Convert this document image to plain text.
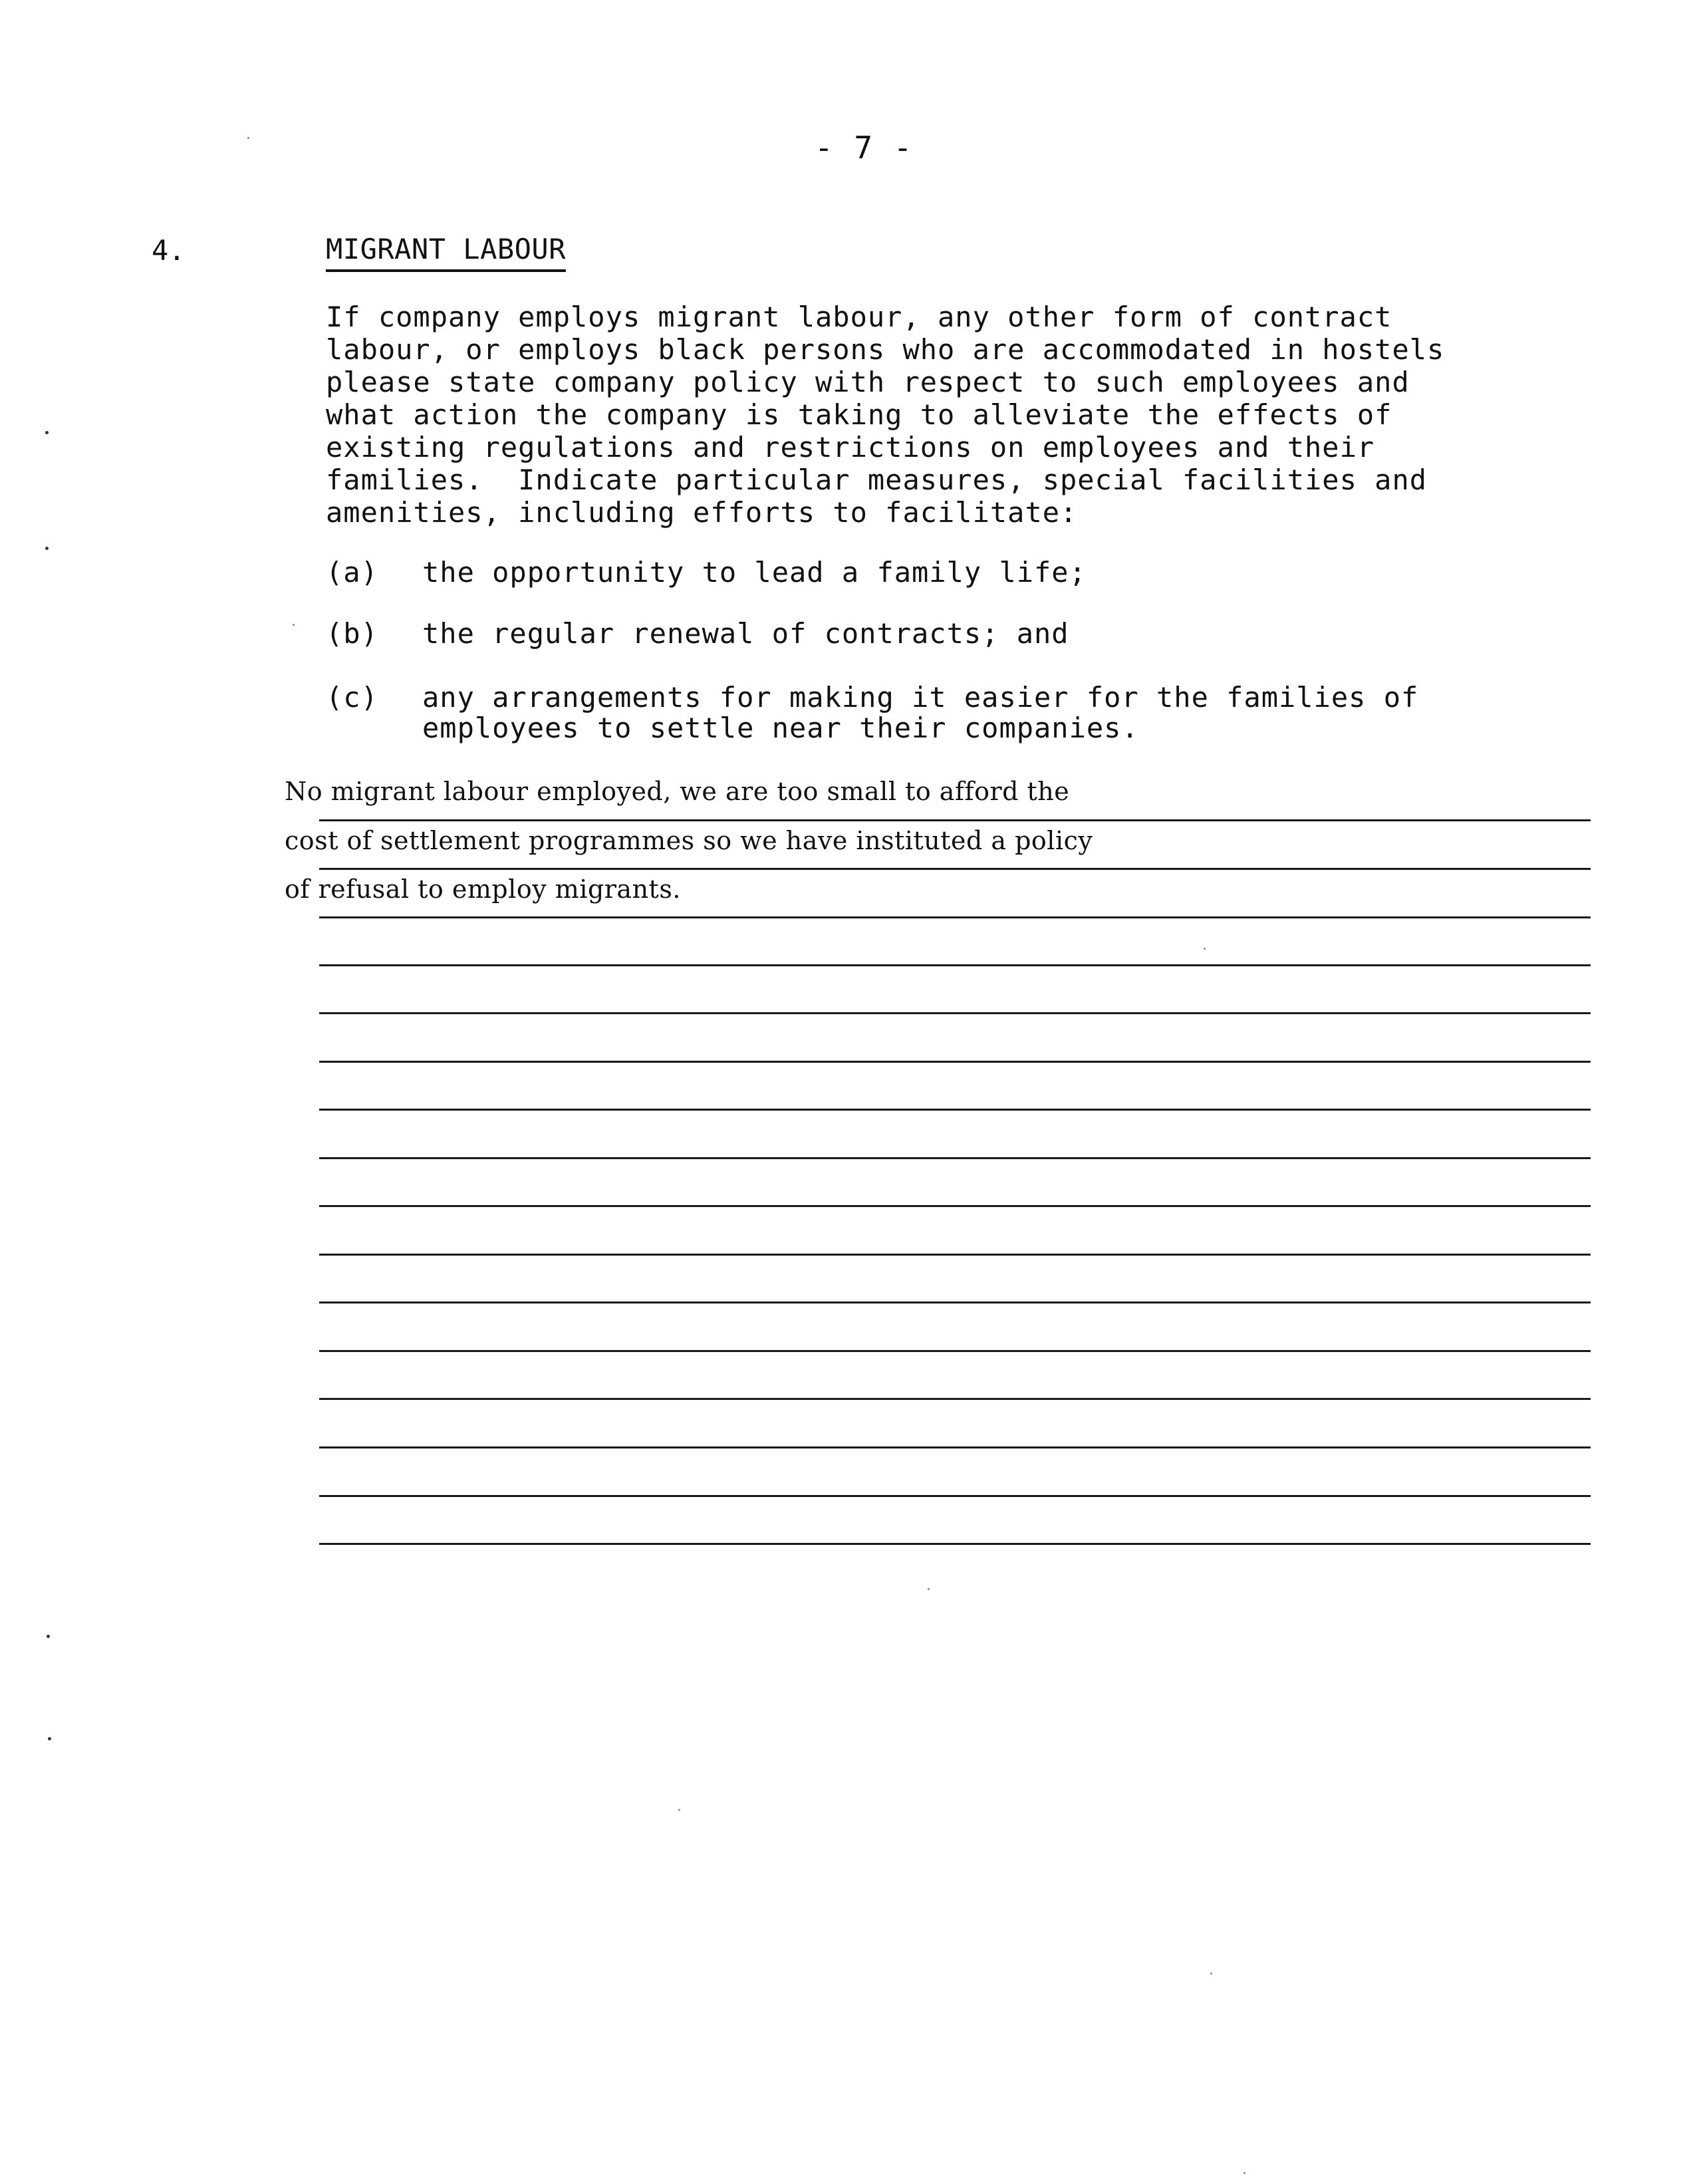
- 7 -
4.	MIGRANT LABOUR
If company employs migrant labour, any other form of contract
labour, or employs black persons who are accommodated in hostels
please state company policy with respect to such employees and
what action the company is taking to alleviate the effects of
existing regulations and restrictions on employees and their
families.  Indicate particular measures, special facilities and
amenities, including efforts to facilitate:
(a) the opportunity to lead a family life;
(b) the regular renewal of contracts; and
(c) any arrangements for making it easier for the families of
employees to settle near their companies.
No migrant labour employed, we are too small to afford the
cost of settlement programmes so we have instituted a policy
of refusal to employ migrants.
